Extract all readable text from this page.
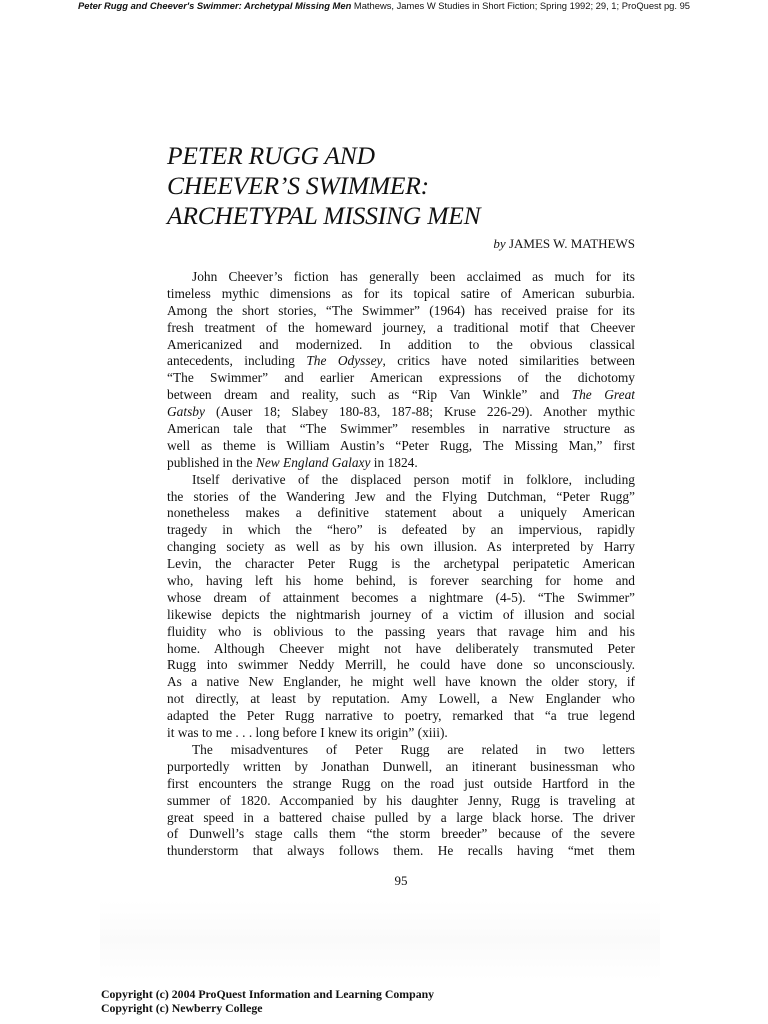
Peter Rugg and Cheever's Swimmer: Archetypal Missing Men Mathews, James W Studies in Short Fiction; Spring 1992; 29, 1; ProQuest pg. 95
PETER RUGG AND
CHEEVER’S SWIMMER:
ARCHETYPAL MISSING MEN
by JAMES W. MATHEWS
John Cheever’s fiction has generally been acclaimed as much for its
timeless mythic dimensions as for its topical satire of American suburbia.
Among the short stories, “The Swimmer” (1964) has received praise for its
fresh treatment of the homeward journey, a traditional motif that Cheever
Americanized and modernized. In addition to the obvious classical
antecedents, including The Odyssey, critics have noted similarities between
“The Swimmer” and earlier American expressions of the dichotomy
between dream and reality, such as “Rip Van Winkle” and The Great
Gatsby (Auser 18; Slabey 180-83, 187-88; Kruse 226-29). Another mythic
American tale that “The Swimmer” resembles in narrative structure as
well as theme is William Austin’s “Peter Rugg, The Missing Man,” first
published in the New England Galaxy in 1824.
Itself derivative of the displaced person motif in folklore, including
the stories of the Wandering Jew and the Flying Dutchman, “Peter Rugg”
nonetheless makes a definitive statement about a uniquely American
tragedy in which the “hero” is defeated by an impervious, rapidly
changing society as well as by his own illusion. As interpreted by Harry
Levin, the character Peter Rugg is the archetypal peripatetic American
who, having left his home behind, is forever searching for home and
whose dream of attainment becomes a nightmare (4-5). “The Swimmer”
likewise depicts the nightmarish journey of a victim of illusion and social
fluidity who is oblivious to the passing years that ravage him and his
home. Although Cheever might not have deliberately transmuted Peter
Rugg into swimmer Neddy Merrill, he could have done so unconsciously.
As a native New Englander, he might well have known the older story, if
not directly, at least by reputation. Amy Lowell, a New Englander who
adapted the Peter Rugg narrative to poetry, remarked that “a true legend
it was to me . . . long before I knew its origin” (xiii).
The misadventures of Peter Rugg are related in two letters
purportedly written by Jonathan Dunwell, an itinerant businessman who
first encounters the strange Rugg on the road just outside Hartford in the
summer of 1820. Accompanied by his daughter Jenny, Rugg is traveling at
great speed in a battered chaise pulled by a large black horse. The driver
of Dunwell’s stage calls them “the storm breeder” because of the severe
thunderstorm that always follows them. He recalls having “met them
95
Copyright (c) 2004 ProQuest Information and Learning Company
Copyright (c) Newberry College
